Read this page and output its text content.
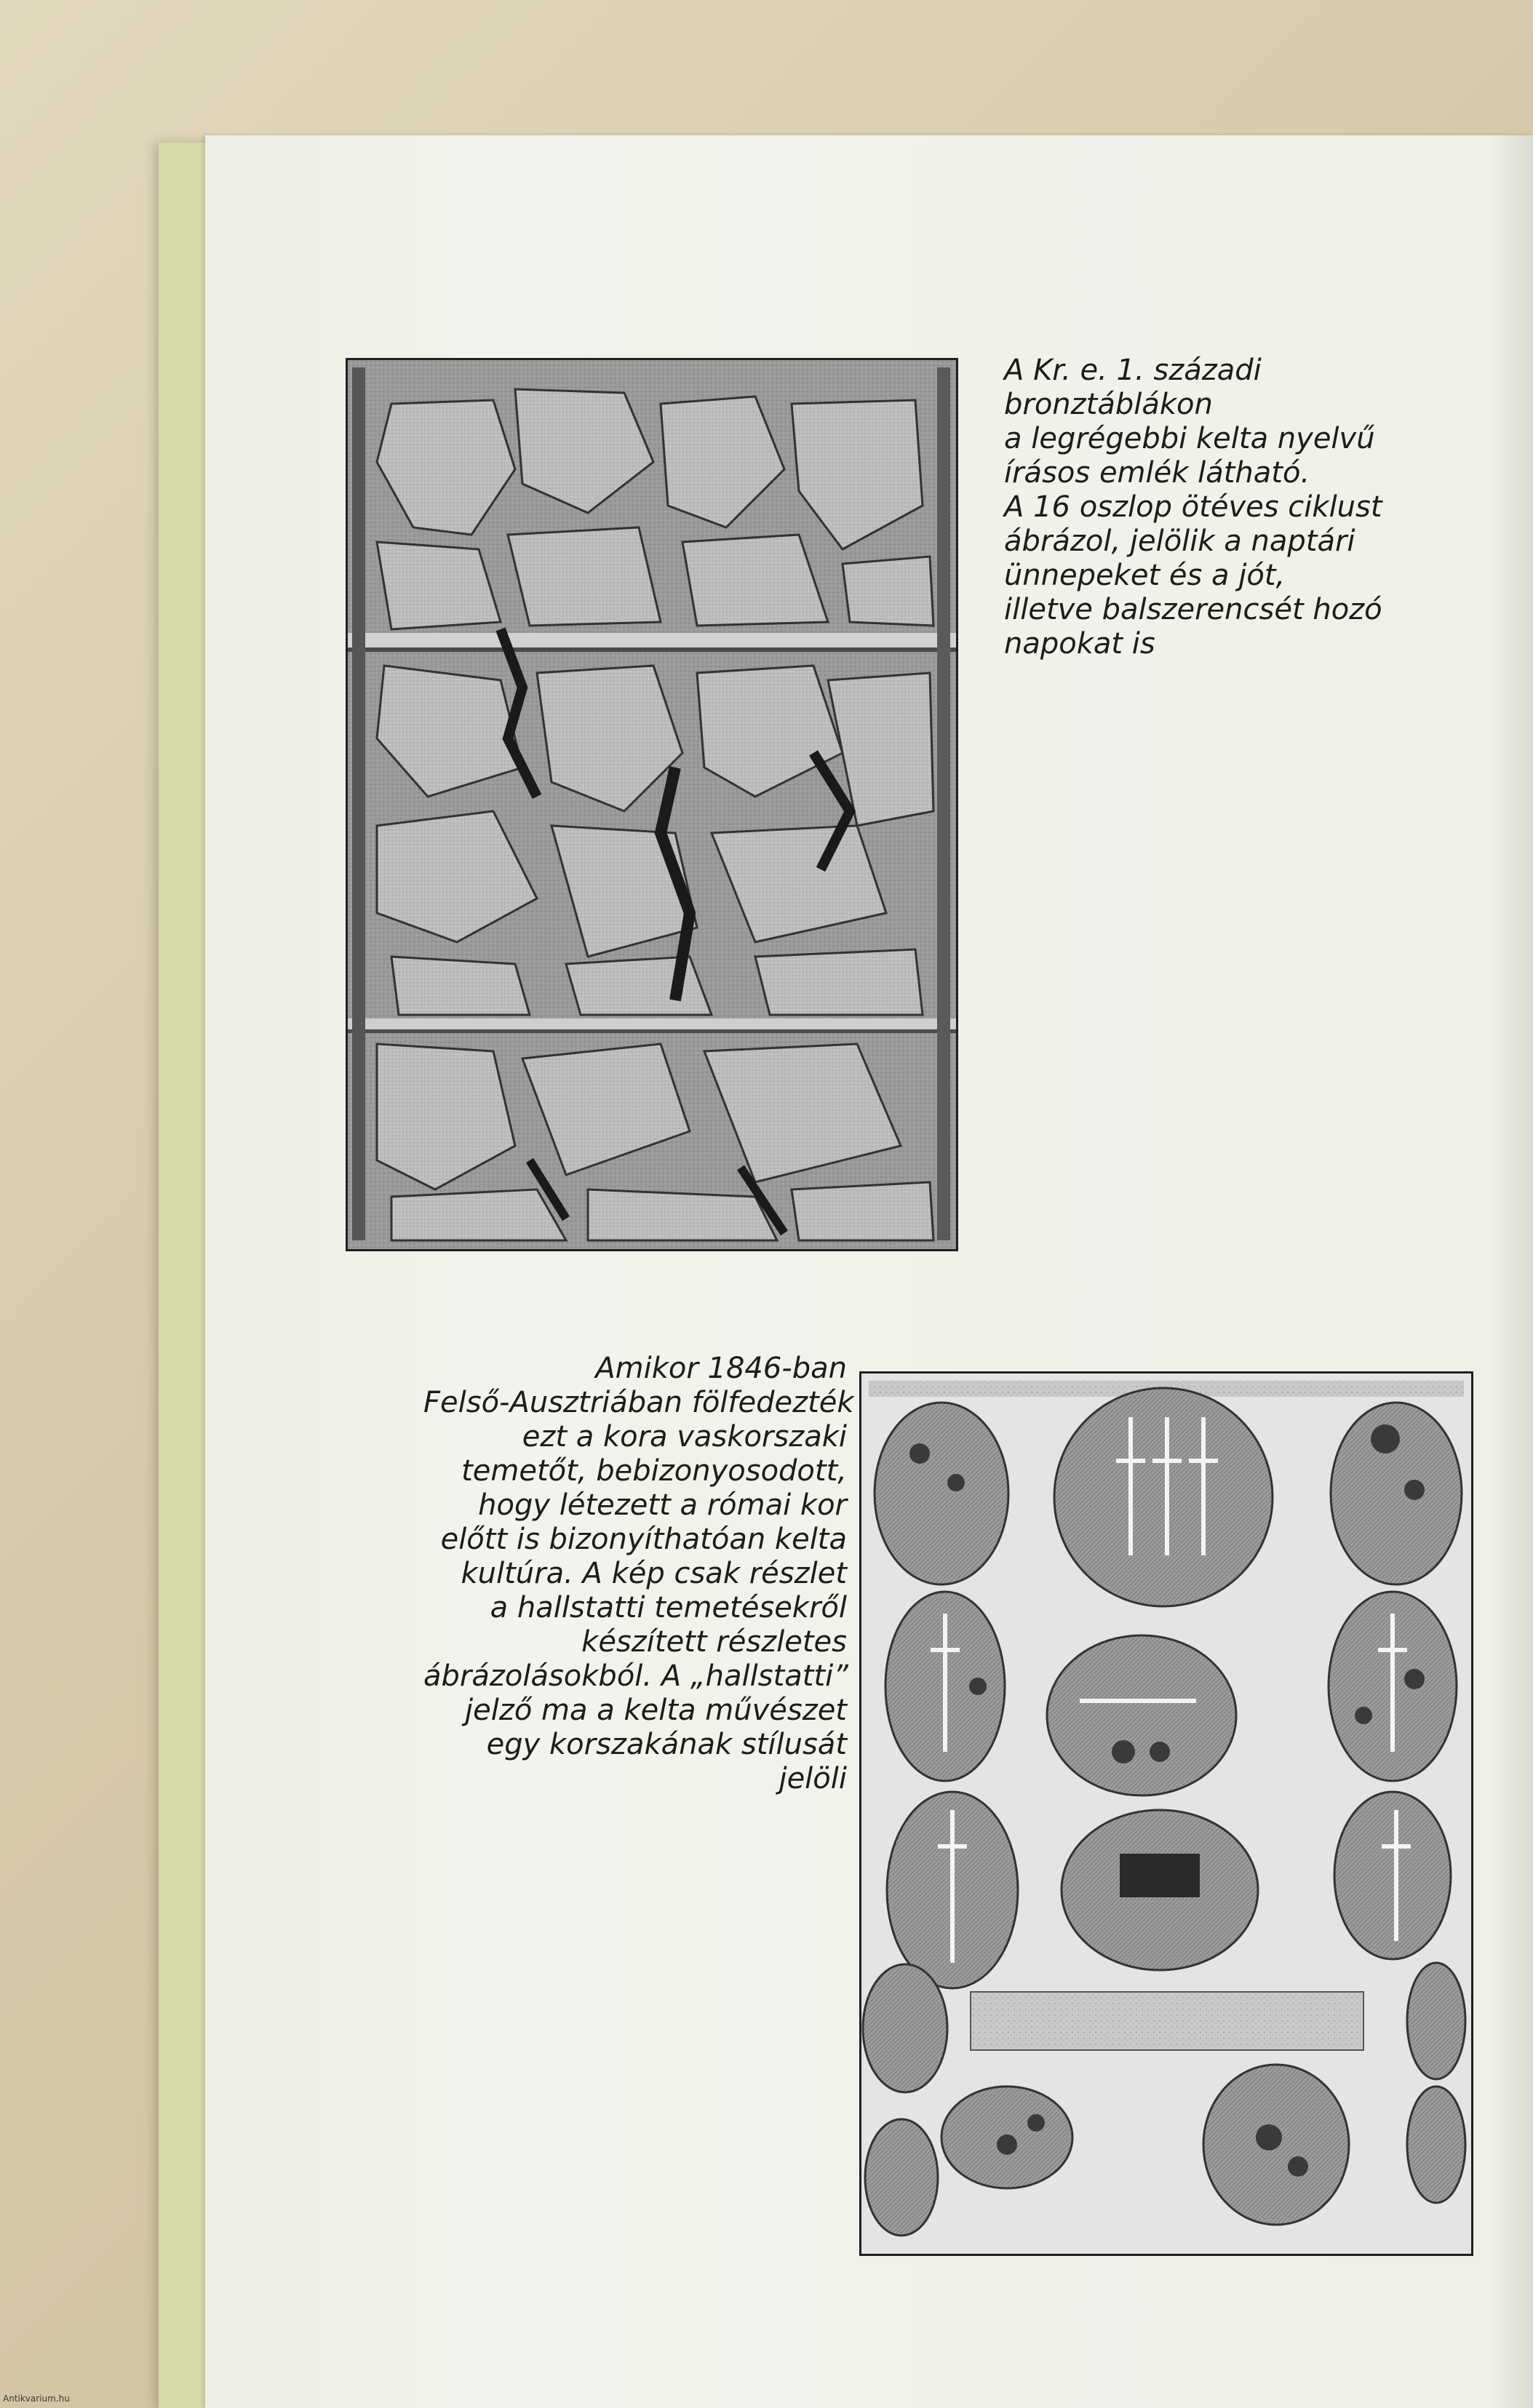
A Kr. e. 1. századi
bronztáblákon
a legrégebbi kelta nyelvű
írásos emlék látható.
A 16 oszlop ötéves ciklust
ábrázol, jelölik a naptári
ünnepeket és a jót,
illetve balszerencsét hozó
napokat is

Amikor 1846-ban
Felső-Ausztriában fölfedezték
ezt a kora vaskorszaki
temetőt, bebizonyosodott,
hogy létezett a római kor
előtt is bizonyíthatóan kelta
kultúra. A kép csak részlet
a hallstatti temetésekről
készített részletes
ábrázolásokból. A „hallstatti”
jelző ma a kelta művészet
egy korszakának stílusát
jelöli

Antikvarium.hu
